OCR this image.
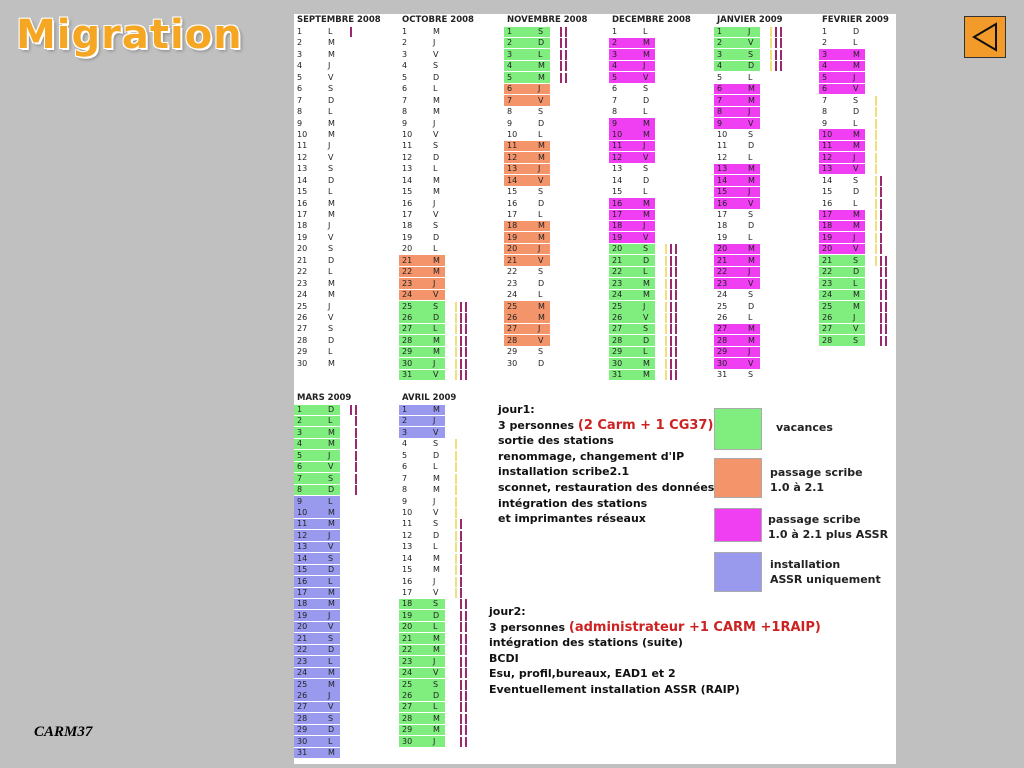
Migration	SEPTEMBRE 2008
1	L
2	M
3	M
4	J
5	V
6	S
7	D
8	L
9	M
10	M
11	J
12	V
13	S
14	D
15	L
16	M
17	M
18	J
19	V
20	S
21	D
22	L
23	M
24	M
25	J
26	V
27	S
28	D
29	L
30	M
OCTOBRE 2008
1	M
2	J
3	V
4	S
5	D
6	L
7	M
8	M
9	J
10	V
11	S
12	D
13	L
14	M
15	M
16	J
17	V
18	S
19	D
20	L
21	M
22	M
23	J
24	V
25	S
26	D
27	L
28	M
29	M
30	J
31	V
NOVEMBRE 2008
1	S
2	D
3	L
4	M
5	M
6	J
7	V
8	S
9	D
10	L
11	M
12	M
13	J
14	V
15	S
16	D
17	L
18	M
19	M
20	J
21	V
22	S
23	D
24	L
25	M
26	M
27	J
28	V
29	S
30	D
DECEMBRE 2008
1	L
2	M
3	M
4	J
5	V
6	S
7	D
8	L
9	M
10	M
11	J
12	V
13	S
14	D
15	L
16	M
17	M
18	J
19	V
20	S
21	D
22	L
23	M
24	M
25	J
26	V
27	S
28	D
29	L
30	M
31	M
JANVIER 2009
1	J
2	V
3	S
4	D
5	L
6	M
7	M
8	J
9	V
10	S
11	D
12	L
13	M
14	M
15	J
16	V
17	S
18	D
19	L
20	M
21	M
22	J
23	V
24	S
25	D
26	L
27	M
28	M
29	J
30	V
31	S
FEVRIER 2009
1	D
2	L
3	M
4	M
5	J
6	V
7	S
8	D
9	L
10	M
11	M
12	J
13	V
14	S
15	D
16	L
17	M
18	M
19	J
20	V
21	S
22	D
23	L
24	M
25	M
26	J
27	V
28	S
MARS 2009
1	D
2	L
3	M
4	M
5	J
6	V
7	S
8	D
9	L
10	M
11	M
12	J
13	V
14	S
15	D
16	L
17	M
18	M
19	J
20	V
21	S
22	D
23	L
24	M
25	M
26	J
27	V
28	S
29	D
30	L
31	M
AVRIL 2009
1	M
2	J
3	V
4	S
5	D
6	L
7	M
8	M
9	J
10	V
11	S
12	D
13	L
14	M
15	M
16	J
17	V
18	S
19	D
20	L
21	M
22	M
23	J
24	V
25	S
26	D
27	L
28	M
29	M
30	J
jour1:
3 personnes (2 Carm + 1 CG37)
sortie des stations
renommage, changement d'IP
installation scribe2.1
sconnet, restauration des données
intégration des stations
et imprimantes réseaux
jour2:
3 personnes (administrateur +1 CARM +1RAIP)
intégration des stations (suite)
BCDI
Esu, profil,bureaux, EAD1 et 2
Eventuellement installation ASSR (RAIP)
vacances
passage scribe
1.0 à 2.1
passage scribe
1.0 à 2.1 plus ASSR
installation
ASSR uniquement
CARM37
